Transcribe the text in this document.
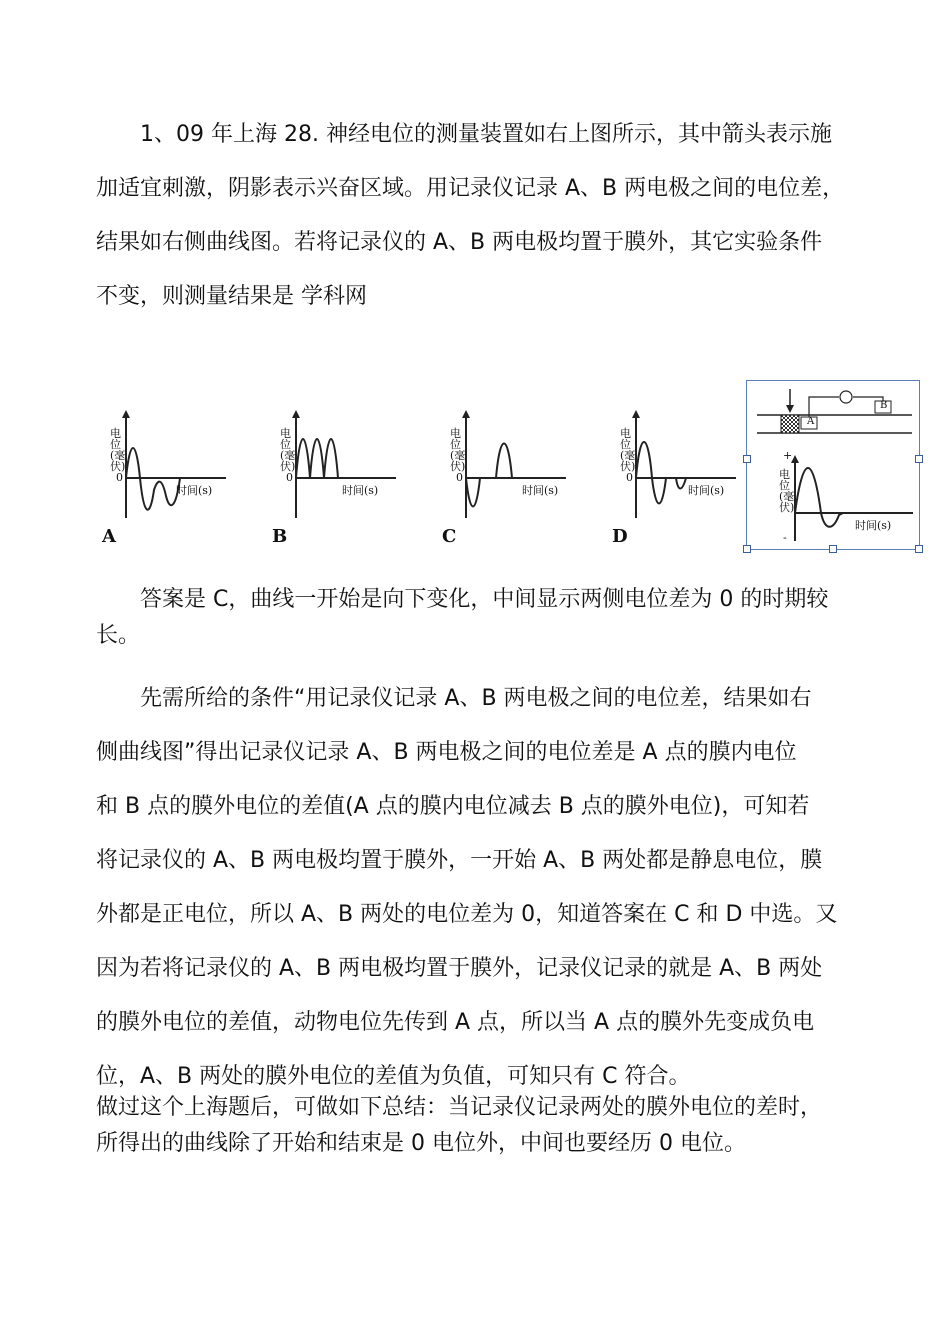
1、09 年上海 28. 神经电位的测量装置如右上图所示，其中箭头表示施
加适宜刺激，阴影表示兴奋区域。用记录仪记录 A、B 两电极之间的电位差，
结果如右侧曲线图。若将记录仪的 A、B 两电极均置于膜外，其它实验条件
不变，则测量结果是 学科网
电位(毫伏)
0
时间(s)
A
电位(毫伏)
0
时间(s)
B
电位(毫伏)
0
时间(s)
C
电位(毫伏)
0
时间(s)
D
A
B
+
-
电位(毫伏)
时间(s)
答案是 C，曲线一开始是向下变化，中间显示两侧电位差为 0 的时期较
长。
先需所给的条件“用记录仪记录 A、B 两电极之间的电位差，结果如右
侧曲线图”得出记录仪记录 A、B 两电极之间的电位差是 A 点的膜内电位
和 B 点的膜外电位的差值(A 点的膜内电位减去 B 点的膜外电位)，可知若
将记录仪的 A、B 两电极均置于膜外，一开始 A、B 两处都是静息电位，膜
外都是正电位，所以 A、B 两处的电位差为 0，知道答案在 C 和 D 中选。又
因为若将记录仪的 A、B 两电极均置于膜外，记录仪记录的就是 A、B 两处
的膜外电位的差值，动物电位先传到 A 点，所以当 A 点的膜外先变成负电
位，A、B 两处的膜外电位的差值为负值，可知只有 C 符合。
做过这个上海题后，可做如下总结：当记录仪记录两处的膜外电位的差时，
所得出的曲线除了开始和结束是 0 电位外，中间也要经历 0 电位。
